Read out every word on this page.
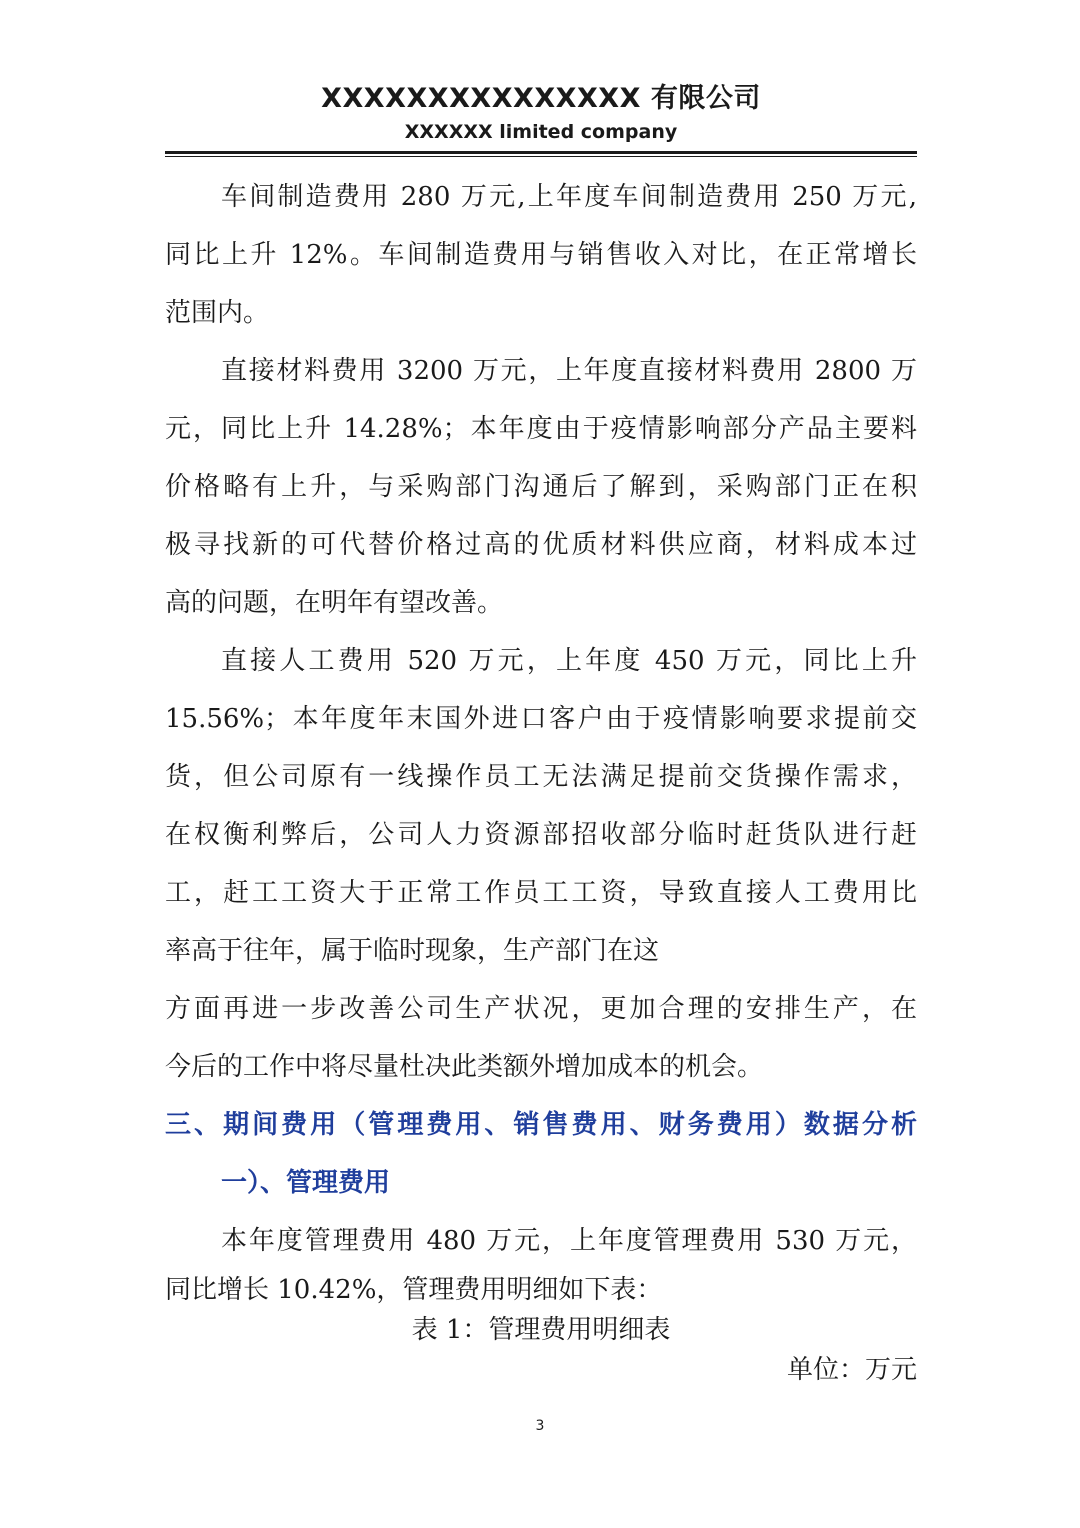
XXXXXXXXXXXXXXX 有限公司
XXXXXX limited company
车间制造费用 280 万元,上年度车间制造费用 250 万元,
同比上升 12%。车间制造费用与销售收入对比，在正常增长
范围内。
直接材料费用 3200 万元，上年度直接材料费用 2800 万
元，同比上升 14.28%；本年度由于疫情影响部分产品主要料
价格略有上升，与采购部门沟通后了解到，采购部门正在积
极寻找新的可代替价格过高的优质材料供应商，材料成本过
高的问题，在明年有望改善。
直接人工费用 520 万元，上年度 450 万元，同比上升
15.56%；本年度年末国外进口客户由于疫情影响要求提前交
货，但公司原有一线操作员工无法满足提前交货操作需求，
在权衡利弊后，公司人力资源部招收部分临时赶货队进行赶
工，赶工工资大于正常工作员工工资，导致直接人工费用比
率高于往年，属于临时现象，生产部门在这
方面再进一步改善公司生产状况，更加合理的安排生产，在
今后的工作中将尽量杜决此类额外增加成本的机会。
三、期间费用（管理费用、销售费用、财务费用）数据分析
一）、管理费用
本年度管理费用 480 万元，上年度管理费用 530 万元，
同比增长 10.42%，管理费用明细如下表：
表 1：管理费用明细表
单位：万元
3
